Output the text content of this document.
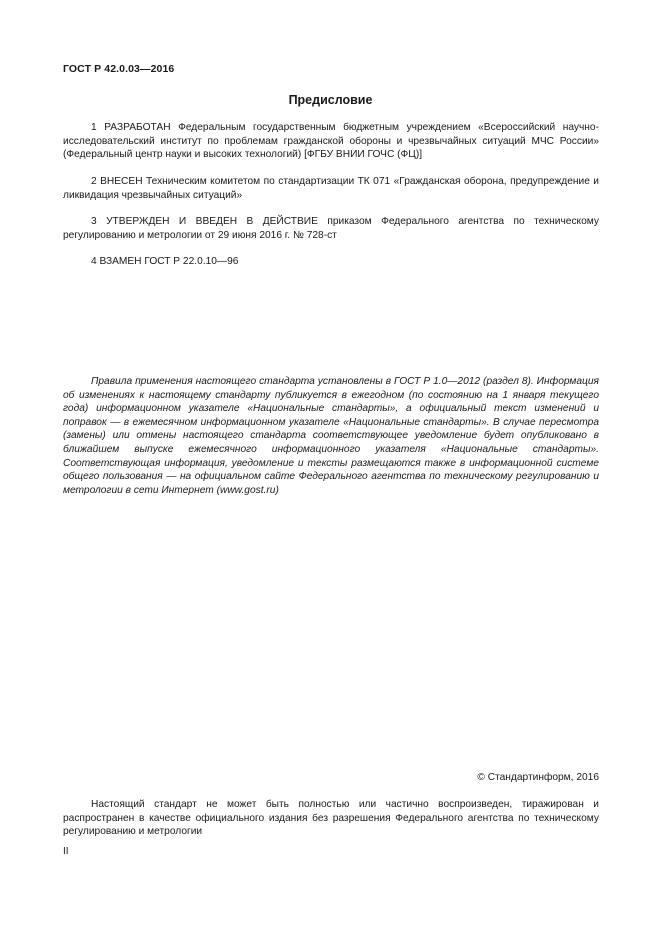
ГОСТ Р 42.0.03—2016
Предисловие

1 РАЗРАБОТАН Федеральным государственным бюджетным учреждением «Всероссийский научно-исследовательский институт по проблемам гражданской обороны и чрезвычайных ситуаций МЧС России» (Федеральный центр науки и высоких технологий) [ФГБУ ВНИИ ГОЧС (ФЦ)]

2 ВНЕСЕН Техническим комитетом по стандартизации ТК 071 «Гражданская оборона, предупреждение и ликвидация чрезвычайных ситуаций»

3 УТВЕРЖДЕН И ВВЕДЕН В ДЕЙСТВИЕ приказом Федерального агентства по техническому регулированию и метрологии от 29 июня 2016 г. № 728-ст

4 ВЗАМЕН ГОСТ Р 22.0.10—96

Правила применения настоящего стандарта установлены в ГОСТ Р 1.0—2012 (раздел 8). Информация об изменениях к настоящему стандарту публикуется в ежегодном (по состоянию на 1 января текущего года) информационном указателе «Национальные стандарты», а официальный текст изменений и поправок — в ежемесячном информационном указателе «Национальные стандарты». В случае пересмотра (замены) или отмены настоящего стандарта соответствующее уведомление будет опубликовано в ближайшем выпуске ежемесячного информационного указателя «Национальные стандарты». Соответствующая информация, уведомление и тексты размещаются также в информационной системе общего пользования — на официальном сайте Федерального агентства по техническому регулированию и метрологии в сети Интернет (www.gost.ru)

© Стандартинформ, 2016

Настоящий стандарт не может быть полностью или частично воспроизведен, тиражирован и распространен в качестве официального издания без разрешения Федерального агентства по техническому регулированию и метрологии

II
